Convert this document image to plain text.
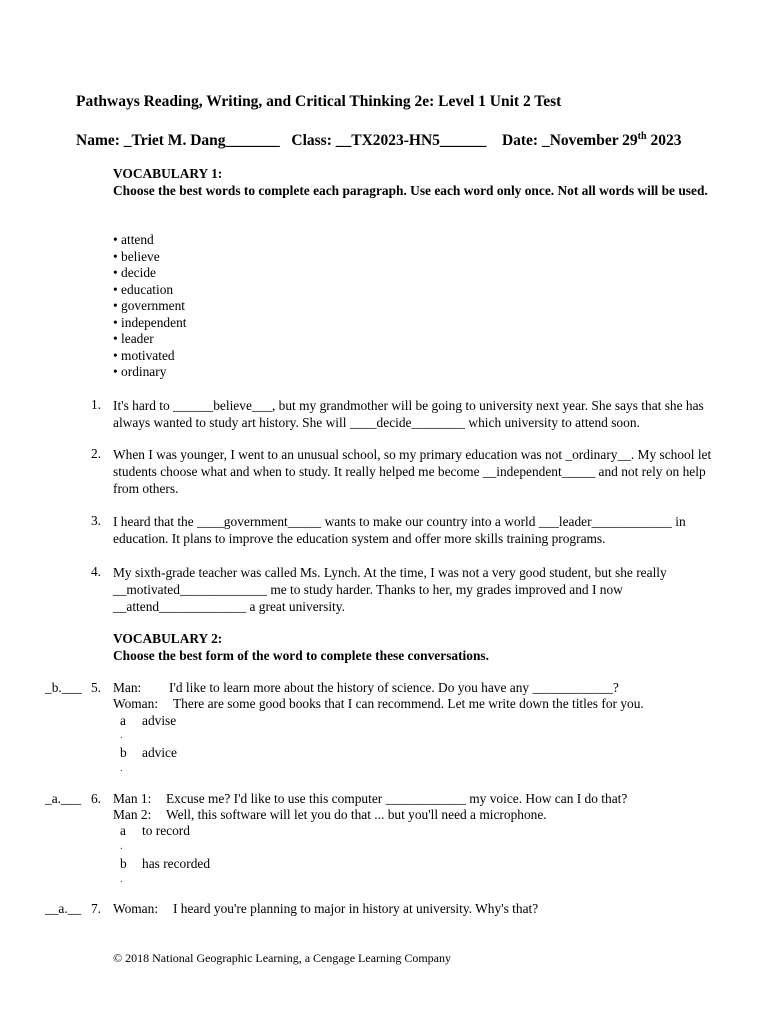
Pathways Reading, Writing, and Critical Thinking 2e: Level 1 Unit 2 Test
Name: _Triet M. Dang_______ Class: __TX2023-HN5______ Date: _November 29th 2023
VOCABULARY 1:
Choose the best words to complete each paragraph. Use each word only once. Not all words will be used.
• attend
• believe
• decide
• education
• government
• independent
• leader
• motivated
• ordinary
1. It's hard to ______believe___, but my grandmother will be going to university next year. She says that she has always wanted to study art history. She will ____decide________ which university to attend soon.
2. When I was younger, I went to an unusual school, so my primary education was not _ordinary__. My school let students choose what and when to study. It really helped me become __independent_____ and not rely on help from others.
3. I heard that the ____government_____ wants to make our country into a world ___leader____________ in education. It plans to improve the education system and offer more skills training programs.
4. My sixth-grade teacher was called Ms. Lynch. At the time, I was not a very good student, but she really __motivated_____________ me to study harder. Thanks to her, my grades improved and I now __attend_____________ a great university.
VOCABULARY 2:
Choose the best form of the word to complete these conversations.
_b.___ 5. Man: I'd like to learn more about the history of science. Do you have any ____________?
Woman: There are some good books that I can recommend. Let me write down the titles for you.
a advise
.
b advice
.
_a.___ 6. Man 1: Excuse me? I'd like to use this computer ____________ my voice. How can I do that?
Man 2: Well, this software will let you do that ... but you'll need a microphone.
a to record
.
b has recorded
.
__a.__ 7. Woman: I heard you're planning to major in history at university. Why's that?
© 2018 National Geographic Learning, a Cengage Learning Company
